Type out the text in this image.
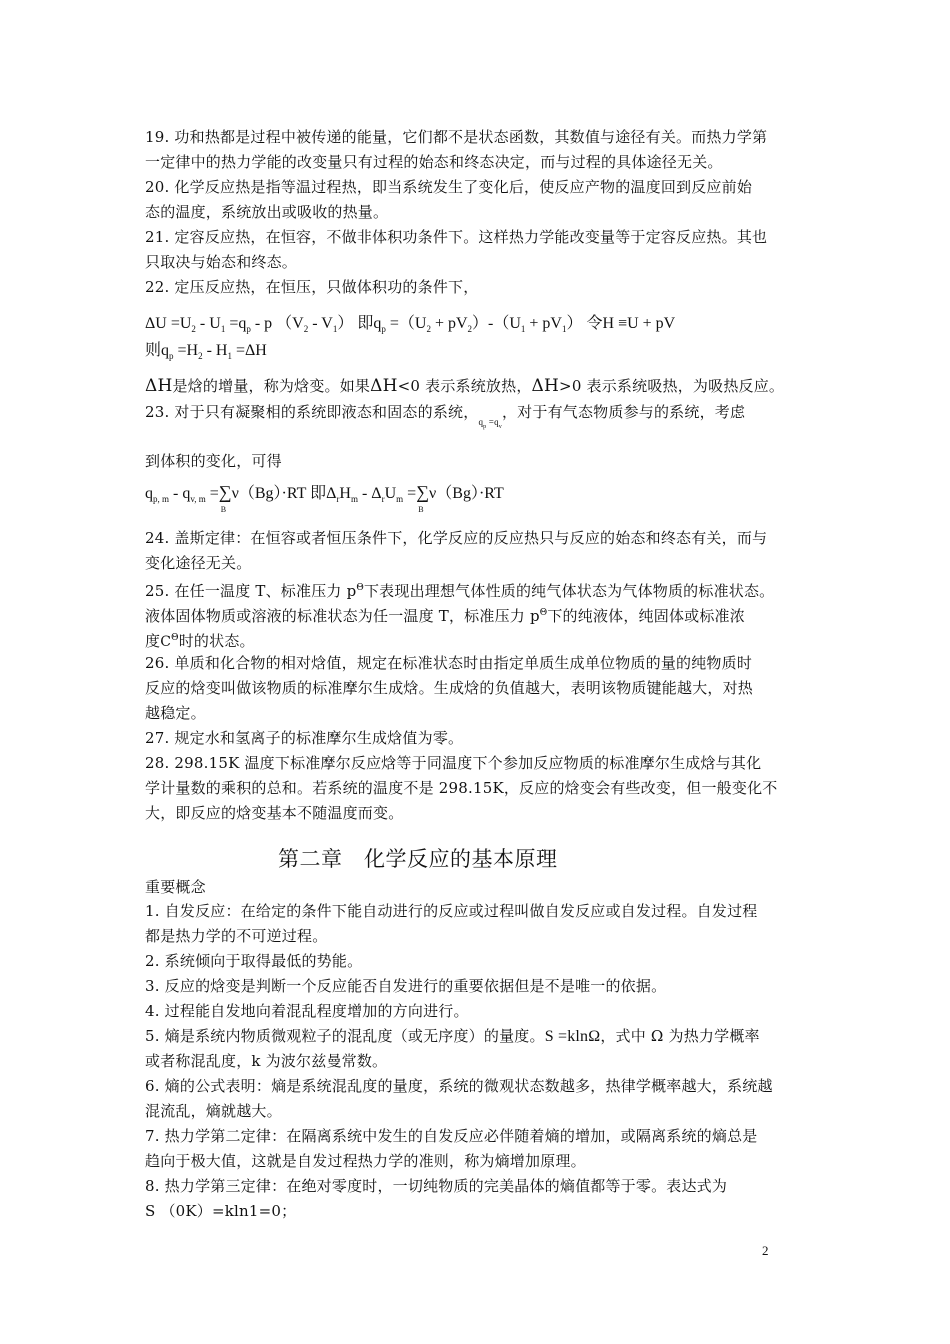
19. 功和热都是过程中被传递的能量，它们都不是状态函数，其数值与途径有关。而热力学第
一定律中的热力学能的改变量只有过程的始态和终态决定，而与过程的具体途径无关。
20. 化学反应热是指等温过程热，即当系统发生了变化后，使反应产物的温度回到反应前始
态的温度，系统放出或吸收的热量。
21. 定容反应热，在恒容，不做非体积功条件下。这样热力学能改变量等于定容反应热。其也
只取决与始态和终态。
22. 定压反应热，在恒压，只做体积功的条件下，
$\Delta U =U_2 - U_1 =q_p - p$ $(V_2 - V_1)$ 即$q_p =(U_2 + pV_2)-(U_1 + pV_1)$ 令H ≡U + pV
则$q_p =H_2 - H_1 =\Delta H$
ΔH是焓的增量，称为焓变。如果ΔH<0 表示系统放热，ΔH>0 表示系统吸热，为吸热反应。
23. 对于只有凝聚相的系统即液态和固态的系统，$_{q_p =q_v}$，对于有气态物质参与的系统，考虑
到体积的变化，可得
$q_{p, m} - q_{v, m}$ =∑
B
ν（Bg）·RT 即$\Delta_rH_m - \Delta_rU_m$ =∑
B
ν（Bg）·RT
24. 盖斯定律：在恒容或者恒压条件下，化学反应的反应热只与反应的始态和终态有关，而与
变化途径无关。
25. 在任一温度 T、标准压力 $p^\Theta$下表现出理想气体性质的纯气体状态为气体物质的标准状态。
液体固体物质或溶液的标准状态为任一温度 T，标准压力 $p^\Theta$下的纯液体，纯固体或标准浓
度$C^\Theta$时的状态。
26. 单质和化合物的相对焓值，规定在标准状态时由指定单质生成单位物质的量的纯物质时
反应的焓变叫做该物质的标准摩尔生成焓。生成焓的负值越大，表明该物质键能越大，对热
越稳定。
27. 规定水和氢离子的标准摩尔生成焓值为零。
28. 298.15K 温度下标准摩尔反应焓等于同温度下个参加反应物质的标准摩尔生成焓与其化
学计量数的乘积的总和。若系统的温度不是 298.15K，反应的焓变会有些改变，但一般变化不
大，即反应的焓变基本不随温度而变。
第二章　化学反应的基本原理
重要概念
1. 自发反应：在给定的条件下能自动进行的反应或过程叫做自发反应或自发过程。自发过程
都是热力学的不可逆过程。
2. 系统倾向于取得最低的势能。
3. 反应的焓变是判断一个反应能否自发进行的重要依据但是不是唯一的依据。
4. 过程能自发地向着混乱程度增加的方向进行。
5. 熵是系统内物质微观粒子的混乱度（或无序度）的量度。S =klnΩ，式中 Ω 为热力学概率
或者称混乱度，k 为波尔兹曼常数。
6. 熵的公式表明：熵是系统混乱度的量度，系统的微观状态数越多，热律学概率越大，系统越
混流乱，熵就越大。
7. 热力学第二定律：在隔离系统中发生的自发反应必伴随着熵的增加，或隔离系统的熵总是
趋向于极大值，这就是自发过程热力学的准则，称为熵增加原理。
8. 热力学第三定律：在绝对零度时，一切纯物质的完美晶体的熵值都等于零。表达式为
S （0K）=kln1=0；
2
